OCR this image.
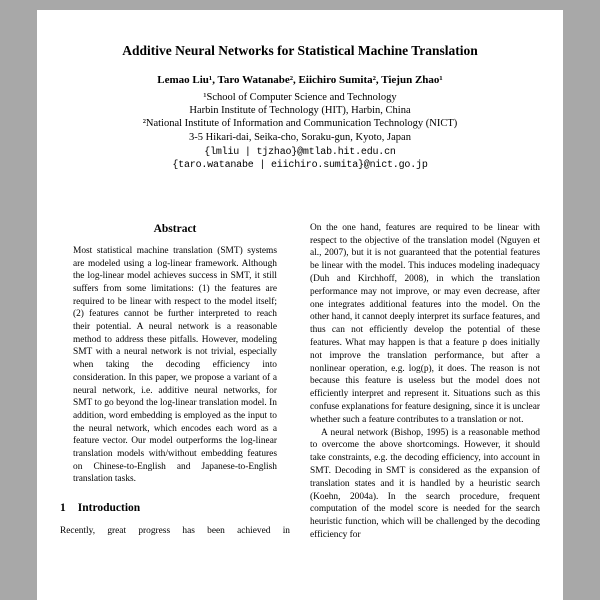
Additive Neural Networks for Statistical Machine Translation
Lemao Liu¹, Taro Watanabe², Eiichiro Sumita², Tiejun Zhao¹
¹School of Computer Science and Technology
Harbin Institute of Technology (HIT), Harbin, China
²National Institute of Information and Communication Technology (NICT)
3-5 Hikari-dai, Seika-cho, Soraku-gun, Kyoto, Japan
{lmliu | tjzhao}@mtlab.hit.edu.cn
{taro.watanabe | eiichiro.sumita}@nict.go.jp
Abstract

Most statistical machine translation (SMT) systems are modeled using a log-linear framework. Although the log-linear model achieves success in SMT, it still suffers from some limitations: (1) the features are required to be linear with respect to the model itself; (2) features cannot be further interpreted to reach their potential. A neural network is a reasonable method to address these pitfalls. However, modeling SMT with a neural network is not trivial, especially when taking the decoding efficiency into consideration. In this paper, we propose a variant of a neural network, i.e. additive neural networks, for SMT to go beyond the log-linear translation model. In addition, word embedding is employed as the input to the neural network, which encodes each word as a feature vector. Our model outperforms the log-linear translation models with/without embedding features on Chinese-to-English and Japanese-to-English translation tasks.

1 Introduction

Recently, great progress has been achieved in

On the one hand, features are required to be linear with respect to the objective of the translation model (Nguyen et al., 2007), but it is not guaranteed that the potential features be linear with the model. This induces modeling inadequacy (Duh and Kirchhoff, 2008), in which the translation performance may not improve, or may even decrease, after one integrates additional features into the model. On the other hand, it cannot deeply interpret its surface features, and thus can not efficiently develop the potential of these features. What may happen is that a feature p does initially not improve the translation performance, but after a nonlinear operation, e.g. log(p), it does. The reason is not because this feature is useless but the model does not efficiently interpret and represent it. Situations such as this confuse explanations for feature designing, since it is unclear whether such a feature contributes to a translation or not.

A neural network (Bishop, 1995) is a reasonable method to overcome the above shortcomings. However, it should take constraints, e.g. the decoding efficiency, into account in SMT. Decoding in SMT is considered as the expansion of translation states and it is handled by a heuristic search (Koehn, 2004a). In the search procedure, frequent computation of the model score is needed for the search heuristic function, which will be challenged by the decoding efficiency for
